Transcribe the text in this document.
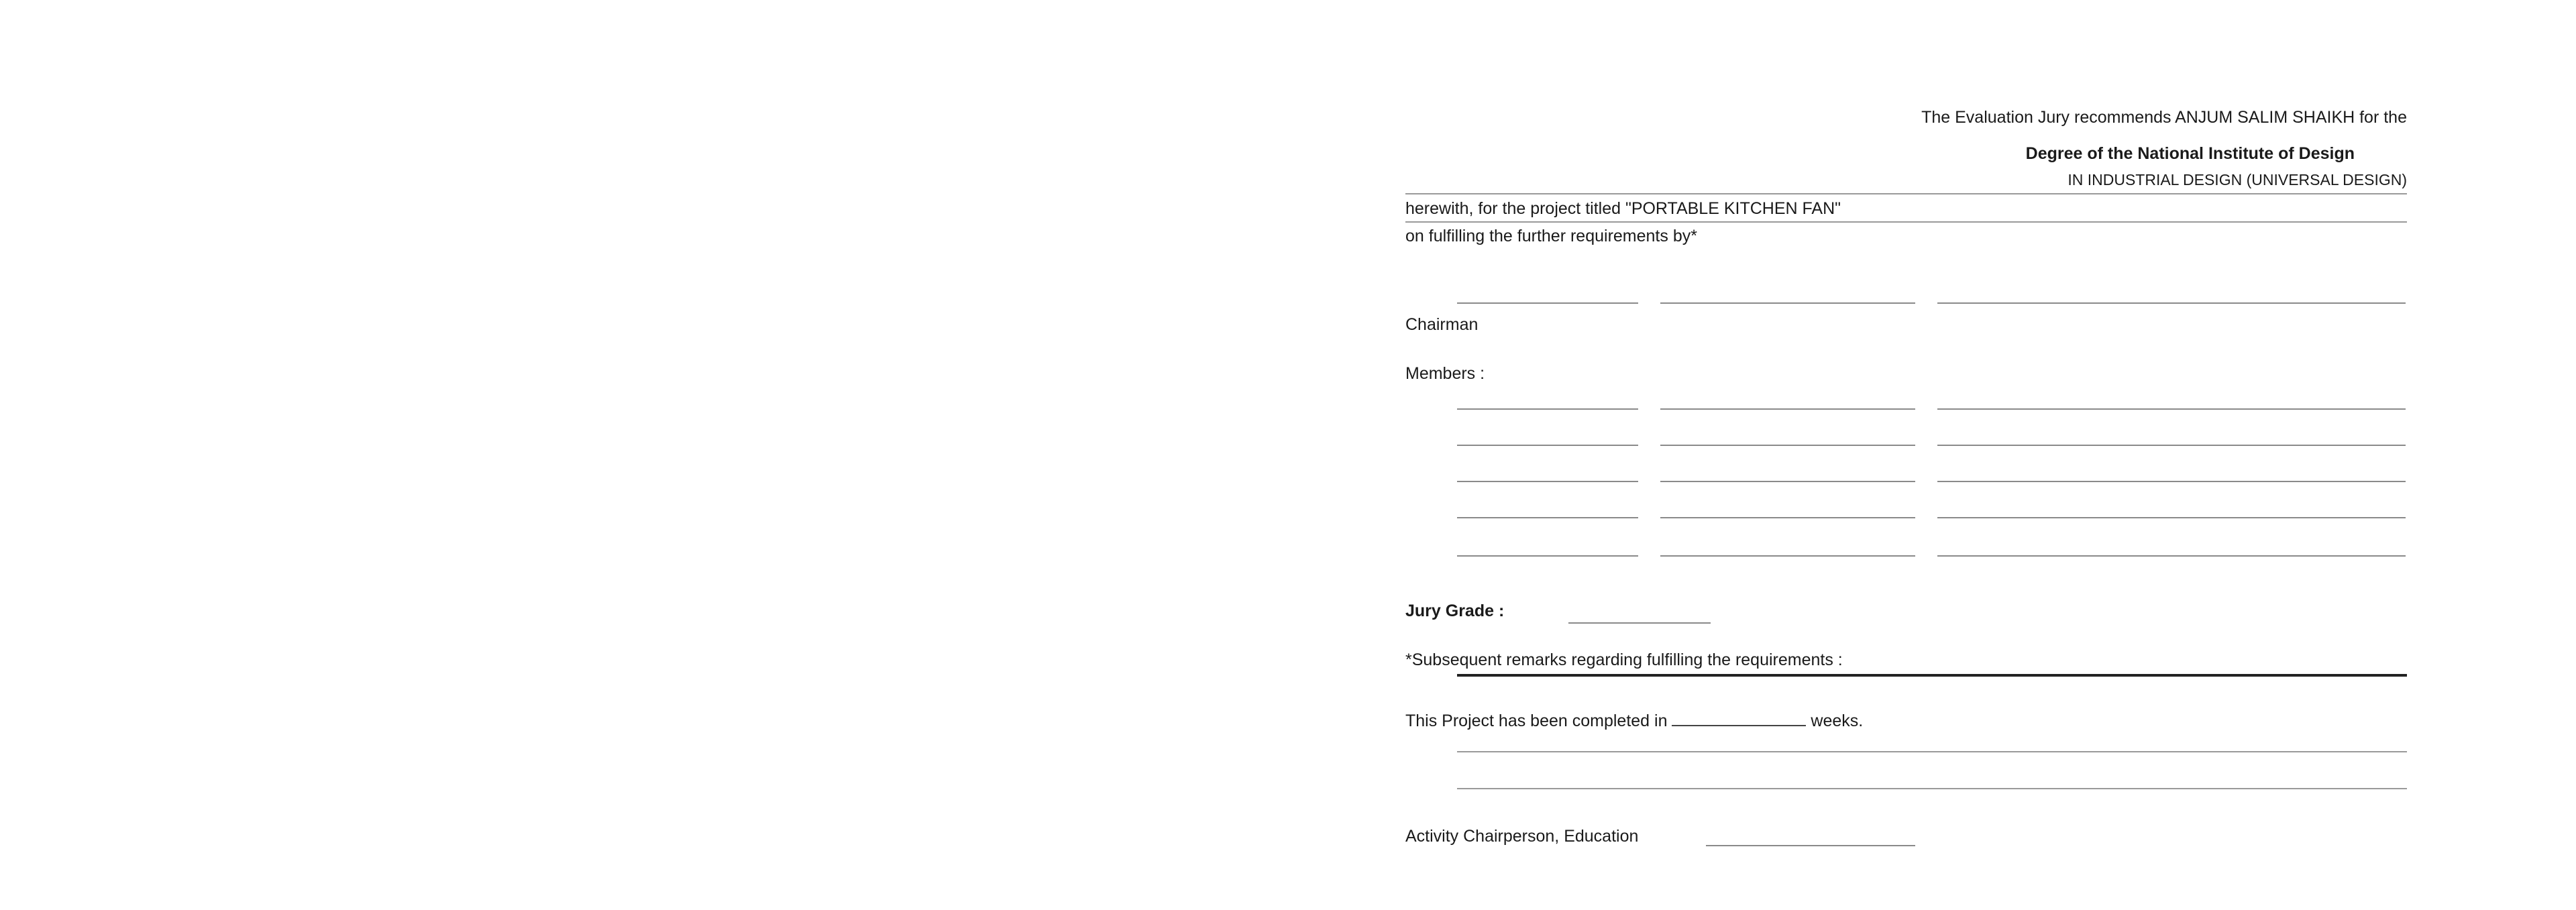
The Evaluation Jury recommends ANJUM SALIM SHAIKH for the
Degree of the National Institute of Design
IN INDUSTRIAL DESIGN (UNIVERSAL DESIGN)
herewith, for the project titled "PORTABLE KITCHEN FAN"
on fulfilling the further requirements by*
Chairman
Members :
Jury Grade :
*Subsequent remarks regarding fulfilling the requirements :
This Project has been completed in	weeks.
Activity Chairperson, Education
